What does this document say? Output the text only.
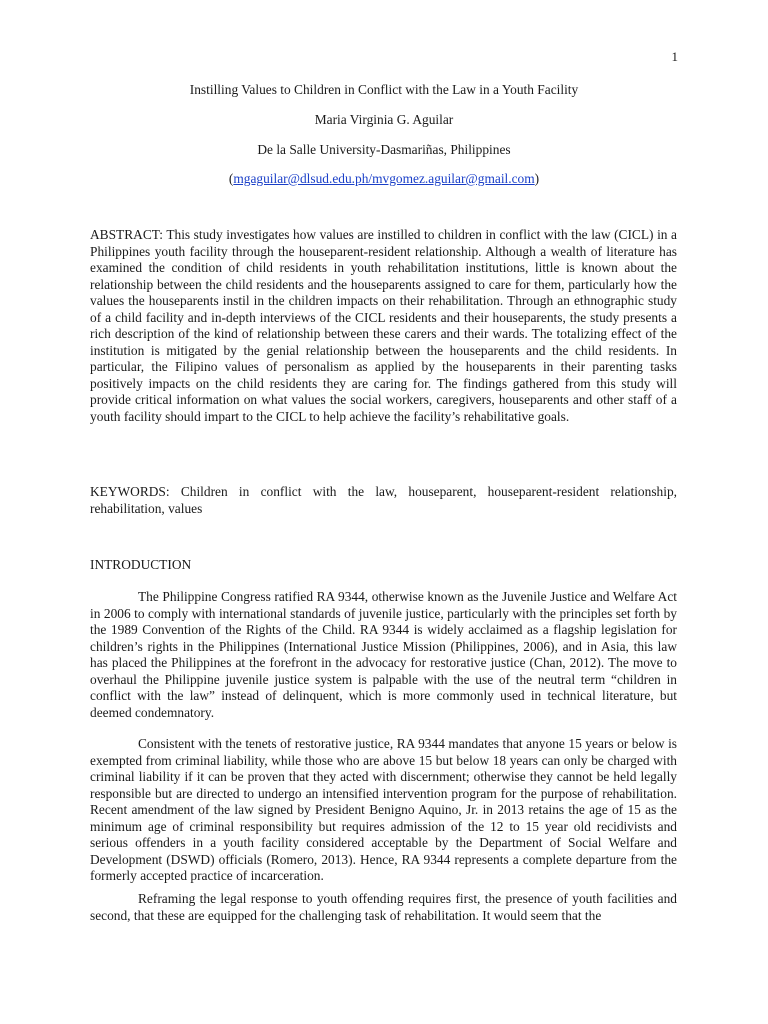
1
Instilling Values to Children in Conflict with the Law in a Youth Facility
Maria Virginia G. Aguilar
De la Salle University-Dasmariñas, Philippines
(mgaguilar@dlsud.edu.ph/mvgomez.aguilar@gmail.com)
ABSTRACT: This study investigates how values are instilled to children in conflict with the law (CICL) in a Philippines youth facility through the houseparent-resident relationship. Although a wealth of literature has examined the condition of child residents in youth rehabilitation institutions, little is known about the relationship between the child residents and the houseparents assigned to care for them, particularly how the values the houseparents instil in the children impacts on their rehabilitation. Through an ethnographic study of a child facility and in-depth interviews of the CICL residents and their houseparents, the study presents a rich description of the kind of relationship between these carers and their wards. The totalizing effect of the institution is mitigated by the genial relationship between the houseparents and the child residents. In particular, the Filipino values of personalism as applied by the houseparents in their parenting tasks positively impacts on the child residents they are caring for. The findings gathered from this study will provide critical information on what values the social workers, caregivers, houseparents and other staff of a youth facility should impart to the CICL to help achieve the facility’s rehabilitative goals.
KEYWORDS: Children in conflict with the law, houseparent, houseparent-resident relationship, rehabilitation, values
INTRODUCTION
The Philippine Congress ratified RA 9344, otherwise known as the Juvenile Justice and Welfare Act in 2006 to comply with international standards of juvenile justice, particularly with the principles set forth by the 1989 Convention of the Rights of the Child. RA 9344 is widely acclaimed as a flagship legislation for children’s rights in the Philippines (International Justice Mission (Philippines, 2006), and in Asia, this law has placed the Philippines at the forefront in the advocacy for restorative justice (Chan, 2012). The move to overhaul the Philippine juvenile justice system is palpable with the use of the neutral term “children in conflict with the law” instead of delinquent, which is more commonly used in technical literature, but deemed condemnatory.
Consistent with the tenets of restorative justice, RA 9344 mandates that anyone 15 years or below is exempted from criminal liability, while those who are above 15 but below 18 years can only be charged with criminal liability if it can be proven that they acted with discernment; otherwise they cannot be held legally responsible but are directed to undergo an intensified intervention program for the purpose of rehabilitation. Recent amendment of the law signed by President Benigno Aquino, Jr. in 2013 retains the age of 15 as the minimum age of criminal responsibility but requires admission of the 12 to 15 year old recidivists and serious offenders in a youth facility considered acceptable by the Department of Social Welfare and Development (DSWD) officials (Romero, 2013). Hence, RA 9344 represents a complete departure from the formerly accepted practice of incarceration.
Reframing the legal response to youth offending requires first, the presence of youth facilities and second, that these are equipped for the challenging task of rehabilitation. It would seem that the
